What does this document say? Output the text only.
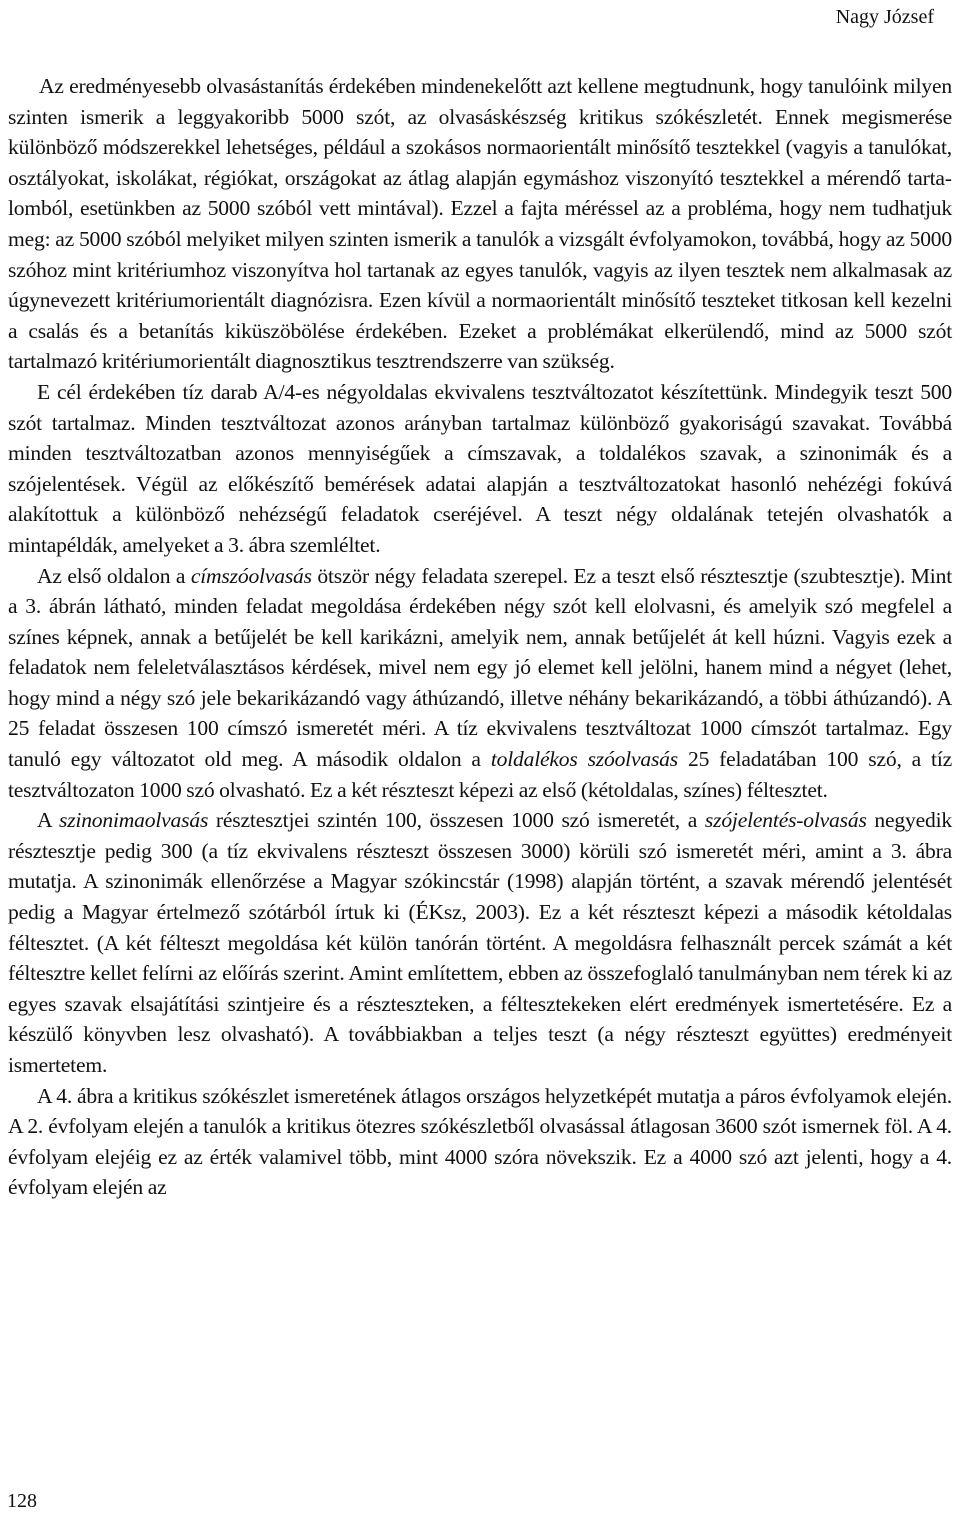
Nagy József

Az eredményesebb olvasástanítás érdekében mindenekelőtt azt kellene megtudnunk, hogy tanulóink milyen szinten ismerik a leggyakoribb 5000 szót, az olvasáskészség kritikus szókészletét. Ennek megismerése különböző módszerekkel lehetséges, például a szokásos normaorientált minősítő tesztekkel (vagyis a tanulókat, osztályokat, iskolákat, régiókat, országokat az átlag alapján egymáshoz viszonyító tesztekkel a mérendő tartalomból, esetünkben az 5000 szóból vett mintával). Ezzel a fajta méréssel az a probléma, hogy nem tudhatjuk meg: az 5000 szóból melyiket milyen szinten ismerik a tanulók a vizsgált évfolyamokon, továbbá, hogy az 5000 szóhoz mint kritériumhoz viszonyítva hol tartanak az egyes tanulók, vagyis az ilyen tesztek nem alkalmasak az úgynevezett kritériumorientált diagnózisra. Ezen kívül a normaorientált minősítő teszteket titkosan kell kezelni a csalás és a betanítás kiküszöbölése érdekében. Ezeket a problémákat elkerülendő, mind az 5000 szót tartalmazó kritériumorientált diagnosztikus tesztrendszerre van szükség.

E cél érdekében tíz darab A/4-es négyoldalas ekvivalens tesztváltozatot készítettünk. Mindegyik teszt 500 szót tartalmaz. Minden tesztváltozat azonos arányban tartalmaz különböző gyakoriságú szavakat. Továbbá minden tesztváltozatban azonos mennyiségűek a címszavak, a toldalékos szavak, a szinonimák és a szójelentések. Végül az előkészítő bemérések adatai alapján a tesztváltozatokat hasonló nehézégi fokúvá alakítottuk a különböző nehézségű feladatok cseréjével. A teszt négy oldalának tetején olvashatók a mintapéldák, amelyeket a 3. ábra szemléltet.

Az első oldalon a címszóolvasás ötször négy feladata szerepel. Ez a teszt első résztesztje (szubtesztje). Mint a 3. ábrán látható, minden feladat megoldása érdekében négy szót kell elolvasni, és amelyik szó megfelel a színes képnek, annak a betűjelét be kell karikázni, amelyik nem, annak betűjelét át kell húzni. Vagyis ezek a feladatok nem feleletválasztásos kérdések, mivel nem egy jó elemet kell jelölni, hanem mind a négyet (lehet, hogy mind a négy szó jele bekarikázandó vagy áthúzandó, illetve néhány bekarikázandó, a többi áthúzandó). A 25 feladat összesen 100 címszó ismeretét méri. A tíz ekvivalens tesztváltozat 1000 címszót tartalmaz. Egy tanuló egy változatot old meg. A második oldalon a toldalékos szóolvasás 25 feladatában 100 szó, a tíz tesztváltozaton 1000 szó olvasható. Ez a két részteszt képezi az első (kétoldalas, színes) féltesztet.

A szinonimaolvasás résztesztjei szintén 100, összesen 1000 szó ismeretét, a szójelentés-olvasás negyedik résztesztje pedig 300 (a tíz ekvivalens részteszt összesen 3000) körüli szó ismeretét méri, amint a 3. ábra mutatja. A szinonimák ellenőrzése a Magyar szókincstár (1998) alapján történt, a szavak mérendő jelentését pedig a Magyar értelmező szótárból írtuk ki (ÉKsz, 2003). Ez a két részteszt képezi a második kétoldalas féltesztet. (A két félteszt megoldása két külön tanórán történt. A megoldásra felhasznált percek számát a két féltesztre kellet felírni az előírás szerint. Amint említettem, ebben az összefoglaló tanulmányban nem térek ki az egyes szavak elsajátítási szintjeire és a részteszteken, a féltesztekeken elért eredmények ismertetésére. Ez a készülő könyvben lesz olvasható). A továbbiakban a teljes teszt (a négy részteszt együttes) eredményeit ismertetem.

A 4. ábra a kritikus szókészlet ismeretének átlagos országos helyzetképét mutatja a páros évfolyamok elején. A 2. évfolyam elején a tanulók a kritikus ötezres szókészletből olvasással átlagosan 3600 szót ismernek föl. A 4. évfolyam elejéig ez az érték valamivel több, mint 4000 szóra növekszik. Ez a 4000 szó azt jelenti, hogy a 4. évfolyam elején az

128
